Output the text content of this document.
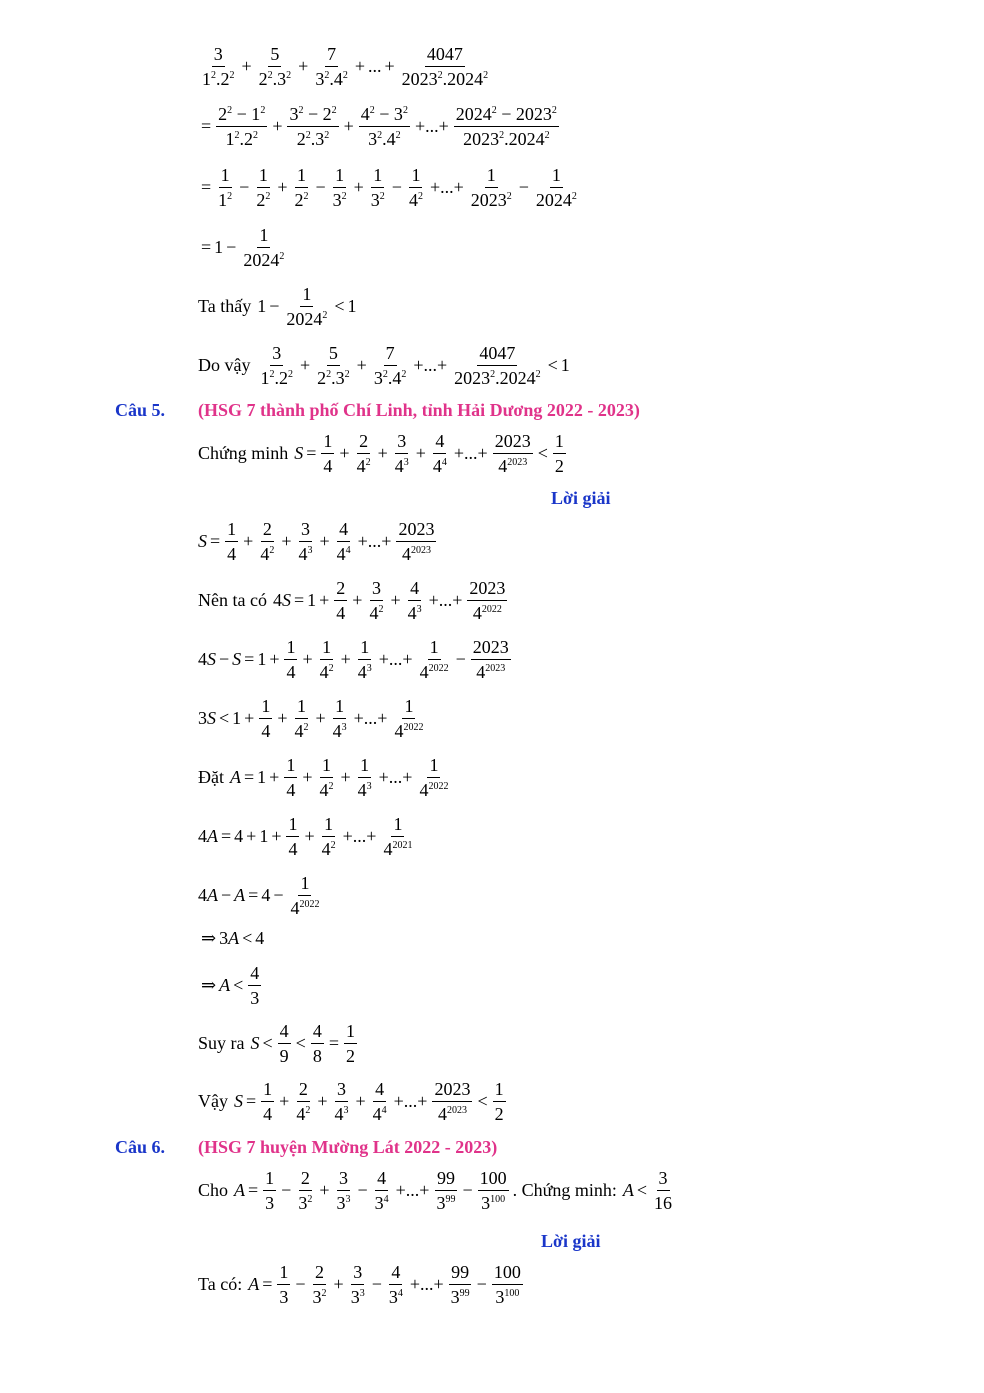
$\frac{3}{1^2.2^2} + \frac{5}{2^2.3^2} + \frac{7}{3^2.4^2}$ + ... + $\frac{4047}{2023^2.2024^2}$
= $\frac{2^2 - 1^2}{1^2.2^2} + \frac{3^2 - 2^2}{2^2.3^2} + \frac{4^2 - 3^2}{3^2.4^2}$ +...+ $\frac{2024^2 - 2023^2}{2023^2.2024^2}$
= $\frac{1}{1^2} - \frac{1}{2^2} + \frac{1}{2^2} - \frac{1}{3^2} + \frac{1}{3^2} - \frac{1}{4^2}$ +...+ $\frac{1}{2023^2} - \frac{1}{2024^2}$
= $1 - \frac{1}{2024^2}$
Ta thấy $1 - \frac{1}{2024^2} < 1$
Do vậy $\frac{3}{1^2.2^2} + \frac{5}{2^2.3^2} + \frac{7}{3^2.4^2}$ +...+ $\frac{4047}{2023^2.2024^2} < 1$
Câu 5. (HSG 7 thành phố Chí Linh, tỉnh Hải Dương 2022 - 2023)
Chứng minh $S = \frac{1}{4} + \frac{2}{4^2} + \frac{3}{4^3} + \frac{4}{4^4}$ +...+ $\frac{2023}{4^{2023}} < \frac{1}{2}$
Lời giải
$S = \frac{1}{4} + \frac{2}{4^2} + \frac{3}{4^3} + \frac{4}{4^4}$ +...+ $\frac{2023}{4^{2023}}$
Nên ta có $4S = 1 + \frac{2}{4} + \frac{3}{4^2} + \frac{4}{4^3}$ +...+ $\frac{2023}{4^{2022}}$
$4S - S = 1 + \frac{1}{4} + \frac{1}{4^2} + \frac{1}{4^3}$ +...+ $\frac{1}{4^{2022}} - \frac{2023}{4^{2023}}$
$3S < 1 + \frac{1}{4} + \frac{1}{4^2} + \frac{1}{4^3}$ +...+ $\frac{1}{4^{2022}}$
Đặt $A = 1 + \frac{1}{4} + \frac{1}{4^2} + \frac{1}{4^3}$ +...+ $\frac{1}{4^{2022}}$
$4A = 4 + 1 + \frac{1}{4} + \frac{1}{4^2}$ +...+ $\frac{1}{4^{2021}}$
$4A - A = 4 - \frac{1}{4^{2022}}$
⇒ 3A < 4
⇒ $A < \frac{4}{3}$
Suy ra $S < \frac{4}{9} < \frac{4}{8} = \frac{1}{2}$
Vậy $S = \frac{1}{4} + \frac{2}{4^2} + \frac{3}{4^3} + \frac{4}{4^4}$ +...+ $\frac{2023}{4^{2023}} < \frac{1}{2}$
Câu 6. (HSG 7 huyện Mường Lát 2022 - 2023)
Cho $A = \frac{1}{3} - \frac{2}{3^2} + \frac{3}{3^3} - \frac{4}{3^4}$ +...+ $\frac{99}{3^{99}} - \frac{100}{3^{100}}$ . Chứng minh: $A < \frac{3}{16}$
Lời giải
Ta có: $A = \frac{1}{3} - \frac{2}{3^2} + \frac{3}{3^3} - \frac{4}{3^4}$ +...+ $\frac{99}{3^{99}} - \frac{100}{3^{100}}$
